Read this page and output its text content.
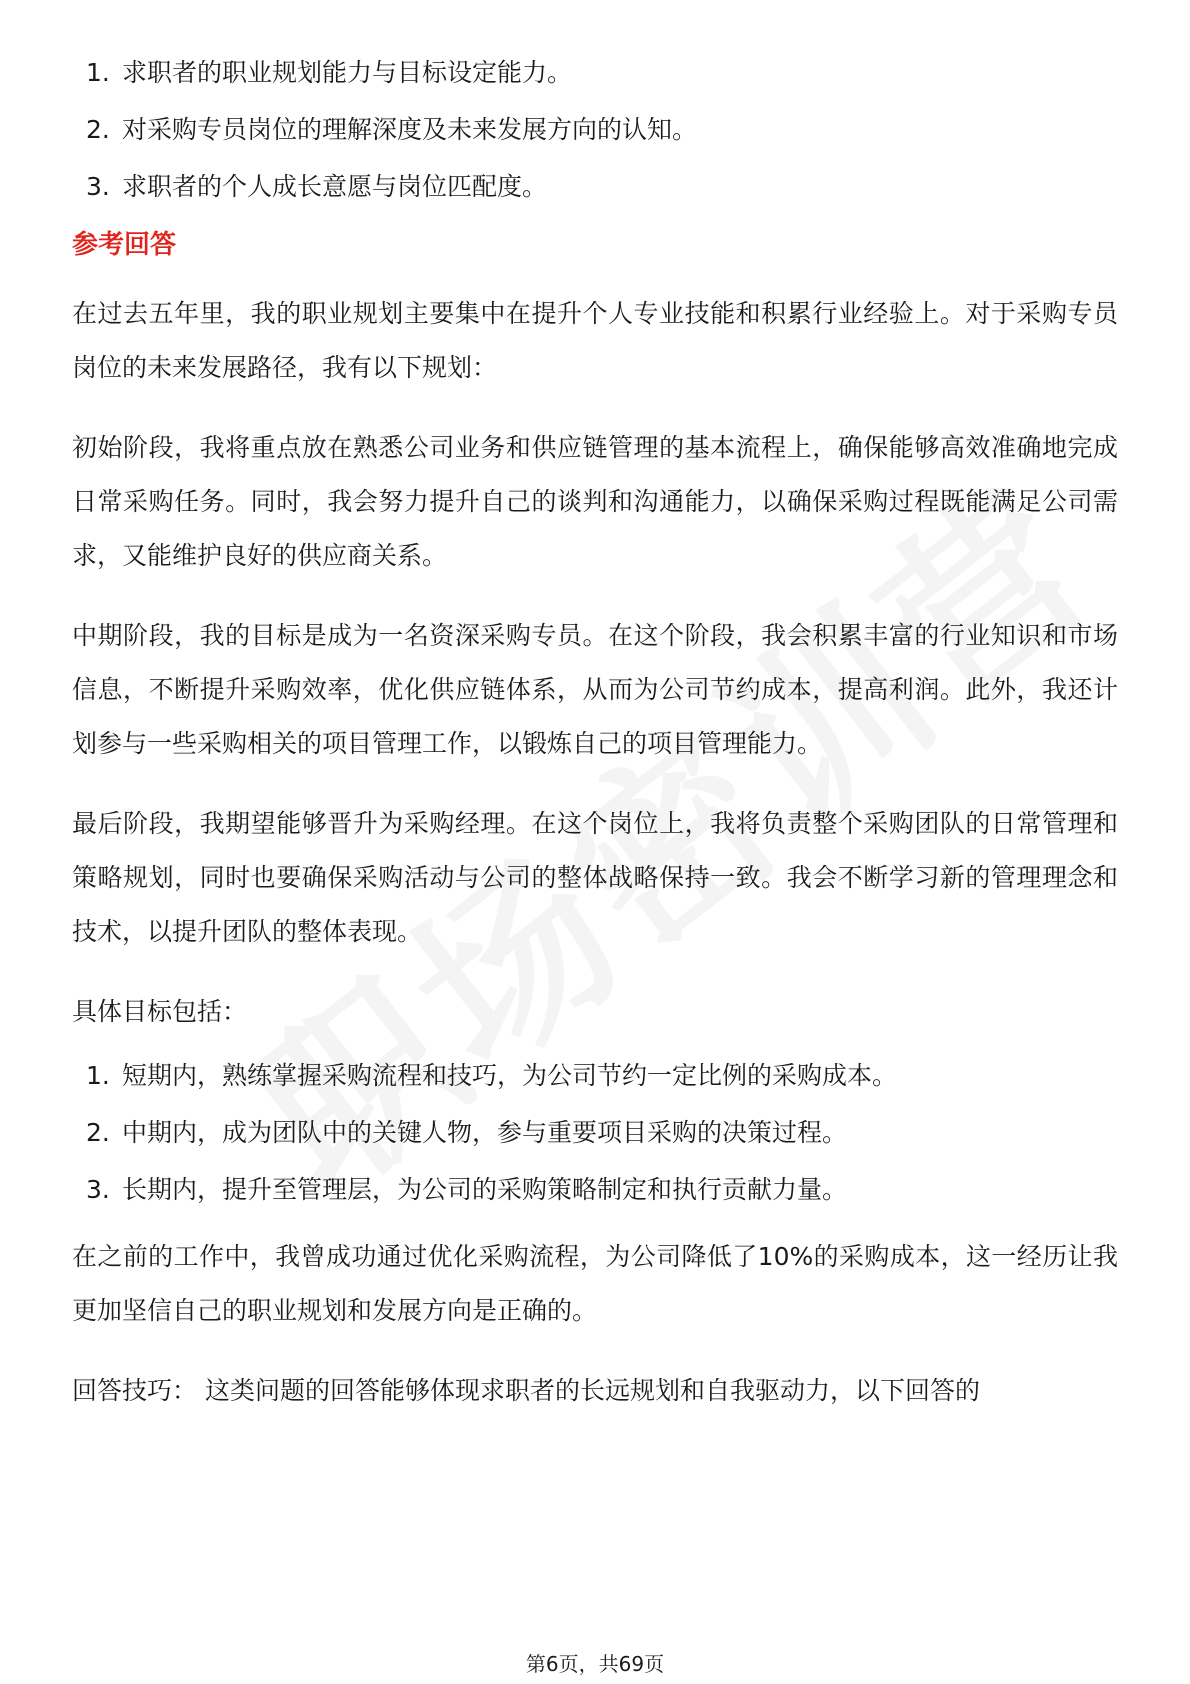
1. 求职者的职业规划能力与目标设定能力。
2. 对采购专员岗位的理解深度及未来发展方向的认知。
3. 求职者的个人成长意愿与岗位匹配度。
参考回答

在过去五年里，我的职业规划主要集中在提升个人专业技能和积累行业经验上。对于采购专员岗位的未来发展路径，我有以下规划：

初始阶段，我将重点放在熟悉公司业务和供应链管理的基本流程上，确保能够高效准确地完成日常采购任务。同时，我会努力提升自己的谈判和沟通能力，以确保采购过程既能满足公司需求，又能维护良好的供应商关系。

中期阶段，我的目标是成为一名资深采购专员。在这个阶段，我会积累丰富的行业知识和市场信息，不断提升采购效率，优化供应链体系，从而为公司节约成本，提高利润。此外，我还计划参与一些采购相关的项目管理工作，以锻炼自己的项目管理能力。

最后阶段，我期望能够晋升为采购经理。在这个岗位上，我将负责整个采购团队的日常管理和策略规划，同时也要确保采购活动与公司的整体战略保持一致。我会不断学习新的管理理念和技术，以提升团队的整体表现。

具体目标包括：

1. 短期内，熟练掌握采购流程和技巧，为公司节约一定比例的采购成本。
2. 中期内，成为团队中的关键人物，参与重要项目采购的决策过程。
3. 长期内，提升至管理层，为公司的采购策略制定和执行贡献力量。

在之前的工作中，我曾成功通过优化采购流程，为公司降低了10%的采购成本，这一经历让我更加坚信自己的职业规划和发展方向是正确的。

回答技巧： 这类问题的回答能够体现求职者的长远规划和自我驱动力，以下回答的

第6页，共69页
